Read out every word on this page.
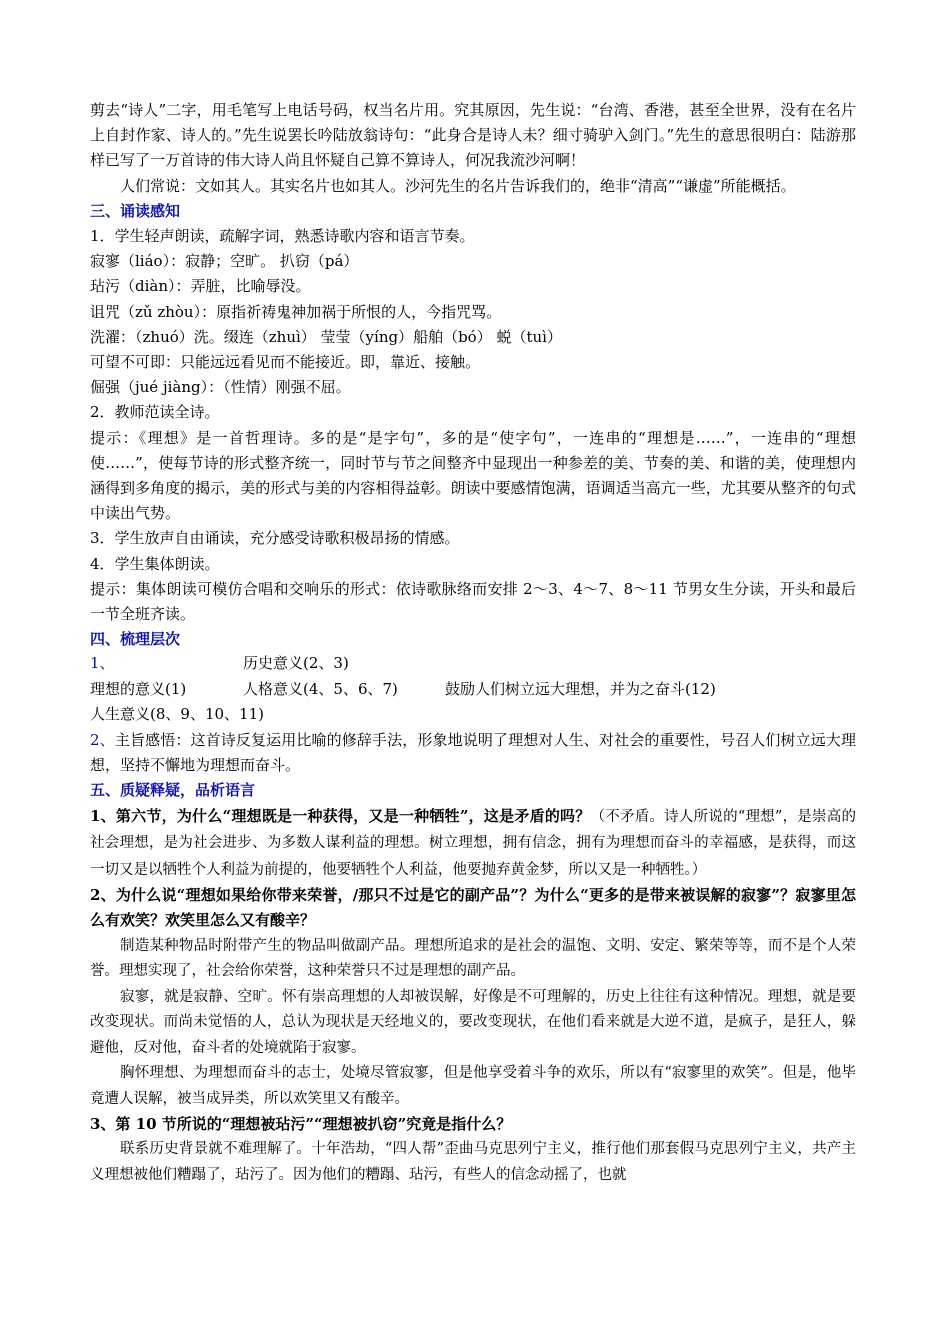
剪去“诗人”二字，用毛笔写上电话号码，权当名片用。究其原因，先生说：“台湾、香港，甚至全世界，没有在名片上自封作家、诗人的。”先生说罢长吟陆放翁诗句：“此身合是诗人未？细寸骑驴入剑门。”先生的意思很明白：陆游那样已写了一万首诗的伟大诗人尚且怀疑自己算不算诗人，何况我流沙河啊！

人们常说：文如其人。其实名片也如其人。沙河先生的名片告诉我们的，绝非“清高”“谦虚”所能概括。

三、诵读感知

1．学生轻声朗读，疏解字词，熟悉诗歌内容和语言节奏。

寂寥（liáo）：寂静；空旷。 扒窃（pá）

玷污（diàn）：弄脏，比喻辱没。

诅咒（zǔ zhòu）：原指祈祷鬼神加祸于所恨的人，今指咒骂。

洗濯：（zhuó）洗。缀连（zhuì） 莹莹（yíng）船舶（bó） 蜕（tuì）

可望不可即：只能远远看见而不能接近。即，靠近、接触。

倔强（jué jiàng）：（性情）刚强不屈。

2．教师范读全诗。

提示：《理想》是一首哲理诗。多的是“是字句”，多的是“使字句”，一连串的“理想是……”，一连串的“理想使……”，使每节诗的形式整齐统一，同时节与节之间整齐中显现出一种参差的美、节奏的美、和谐的美，使理想内涵得到多角度的揭示，美的形式与美的内容相得益彰。朗读中要感情饱满，语调适当高亢一些，尤其要从整齐的句式中读出气势。

3．学生放声自由诵读，充分感受诗歌积极昂扬的情感。

4．学生集体朗读。

提示：集体朗读可模仿合唱和交响乐的形式：依诗歌脉络而安排 2～3、4～7、8～11 节男女生分读，开头和最后一节全班齐读。

四、梳理层次

1、	历史意义(2、3)
理想的意义(1)	人格意义(4、5、6、7)	鼓励人们树立远大理想，并为之奋斗(12)
人生意义(8、9、10、11)

2、主旨感悟：这首诗反复运用比喻的修辞手法，形象地说明了理想对人生、对社会的重要性，号召人们树立远大理想，坚持不懈地为理想而奋斗。

五、质疑释疑，品析语言

1、第六节，为什么“理想既是一种获得，又是一种牺牲”，这是矛盾的吗？（不矛盾。诗人所说的“理想”，是崇高的社会理想，是为社会进步、为多数人谋利益的理想。树立理想，拥有信念，拥有为理想而奋斗的幸福感，是获得，而这一切又是以牺牲个人利益为前提的，他要牺牲个人利益，他要抛弃黄金梦，所以又是一种牺牲。）

2、为什么说“理想如果给你带来荣誉，/那只不过是它的副产品”？为什么“更多的是带来被误解的寂寥”？寂寥里怎么有欢笑？欢笑里怎么又有酸辛？

制造某种物品时附带产生的物品叫做副产品。理想所追求的是社会的温饱、文明、安定、繁荣等等，而不是个人荣誉。理想实现了，社会给你荣誉，这种荣誉只不过是理想的副产品。

寂寥，就是寂静、空旷。怀有崇高理想的人却被误解，好像是不可理解的，历史上往往有这种情况。理想，就是要改变现状。而尚未觉悟的人，总认为现状是天经地义的，要改变现状，在他们看来就是大逆不道，是疯子，是狂人，躲避他，反对他，奋斗者的处境就陷于寂寥。

胸怀理想、为理想而奋斗的志士，处境尽管寂寥，但是他享受着斗争的欢乐，所以有“寂寥里的欢笑”。但是，他毕竟遭人误解，被当成异类，所以欢笑里又有酸辛。

3、第 10 节所说的“理想被玷污”“理想被扒窃”究竟是指什么？

联系历史背景就不难理解了。十年浩劫，“四人帮”歪曲马克思列宁主义，推行他们那套假马克思列宁主义，共产主义理想被他们糟蹋了，玷污了。因为他们的糟蹋、玷污，有些人的信念动摇了，也就
